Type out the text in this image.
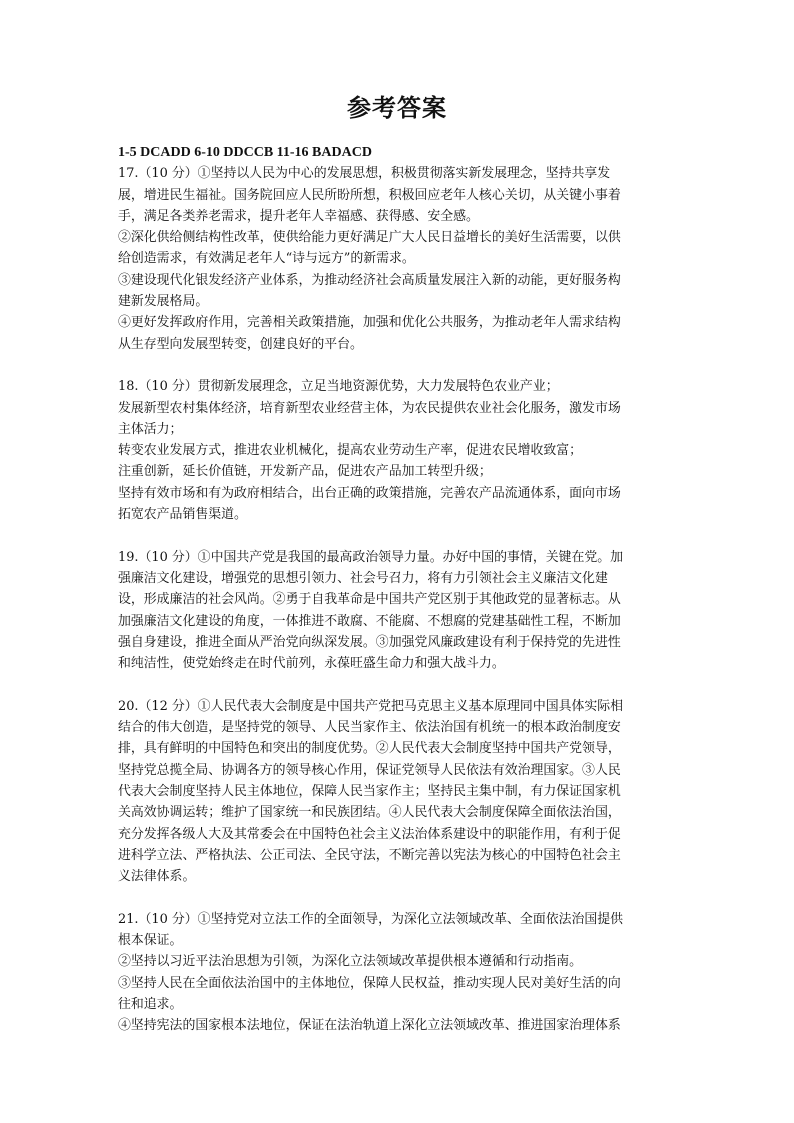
参考答案
1-5 DCADD 6-10 DDCCB 11-16 BADACD
17.（10 分）①坚持以人民为中心的发展思想，积极贯彻落实新发展理念，坚持共享发
展，增进民生福祉。国务院回应人民所盼所想，积极回应老年人核心关切，从关键小事着
手，满足各类养老需求，提升老年人幸福感、获得感、安全感。
②深化供给侧结构性改革，使供给能力更好满足广大人民日益增长的美好生活需要，以供
给创造需求，有效满足老年人“诗与远方”的新需求。
③建设现代化银发经济产业体系，为推动经济社会高质量发展注入新的动能，更好服务构
建新发展格局。
④更好发挥政府作用，完善相关政策措施，加强和优化公共服务，为推动老年人需求结构
从生存型向发展型转变，创建良好的平台。
18.（10 分）贯彻新发展理念，立足当地资源优势，大力发展特色农业产业；
发展新型农村集体经济，培育新型农业经营主体，为农民提供农业社会化服务，激发市场
主体活力；
转变农业发展方式，推进农业机械化，提高农业劳动生产率，促进农民增收致富；
注重创新，延长价值链，开发新产品，促进农产品加工转型升级；
坚持有效市场和有为政府相结合，出台正确的政策措施，完善农产品流通体系，面向市场
拓宽农产品销售渠道。
19.（10 分）①中国共产党是我国的最高政治领导力量。办好中国的事情，关键在党。加
强廉洁文化建设，增强党的思想引领力、社会号召力，将有力引领社会主义廉洁文化建
设，形成廉洁的社会风尚。②勇于自我革命是中国共产党区别于其他政党的显著标志。从
加强廉洁文化建设的角度，一体推进不敢腐、不能腐、不想腐的党建基础性工程，不断加
强自身建设，推进全面从严治党向纵深发展。③加强党风廉政建设有利于保持党的先进性
和纯洁性，使党始终走在时代前列，永葆旺盛生命力和强大战斗力。
20.（12 分）①人民代表大会制度是中国共产党把马克思主义基本原理同中国具体实际相
结合的伟大创造，是坚持党的领导、人民当家作主、依法治国有机统一的根本政治制度安
排，具有鲜明的中国特色和突出的制度优势。②人民代表大会制度坚持中国共产党领导，
坚持党总揽全局、协调各方的领导核心作用，保证党领导人民依法有效治理国家。③人民
代表大会制度坚持人民主体地位，保障人民当家作主；坚持民主集中制，有力保证国家机
关高效协调运转；维护了国家统一和民族团结。④人民代表大会制度保障全面依法治国，
充分发挥各级人大及其常委会在中国特色社会主义法治体系建设中的职能作用，有利于促
进科学立法、严格执法、公正司法、全民守法，不断完善以宪法为核心的中国特色社会主
义法律体系。
21.（10 分）①坚持党对立法工作的全面领导，为深化立法领域改革、全面依法治国提供
根本保证。
②坚持以习近平法治思想为引领，为深化立法领域改革提供根本遵循和行动指南。
③坚持人民在全面依法治国中的主体地位，保障人民权益，推动实现人民对美好生活的向
往和追求。
④坚持宪法的国家根本法地位，保证在法治轨道上深化立法领域改革、推进国家治理体系
